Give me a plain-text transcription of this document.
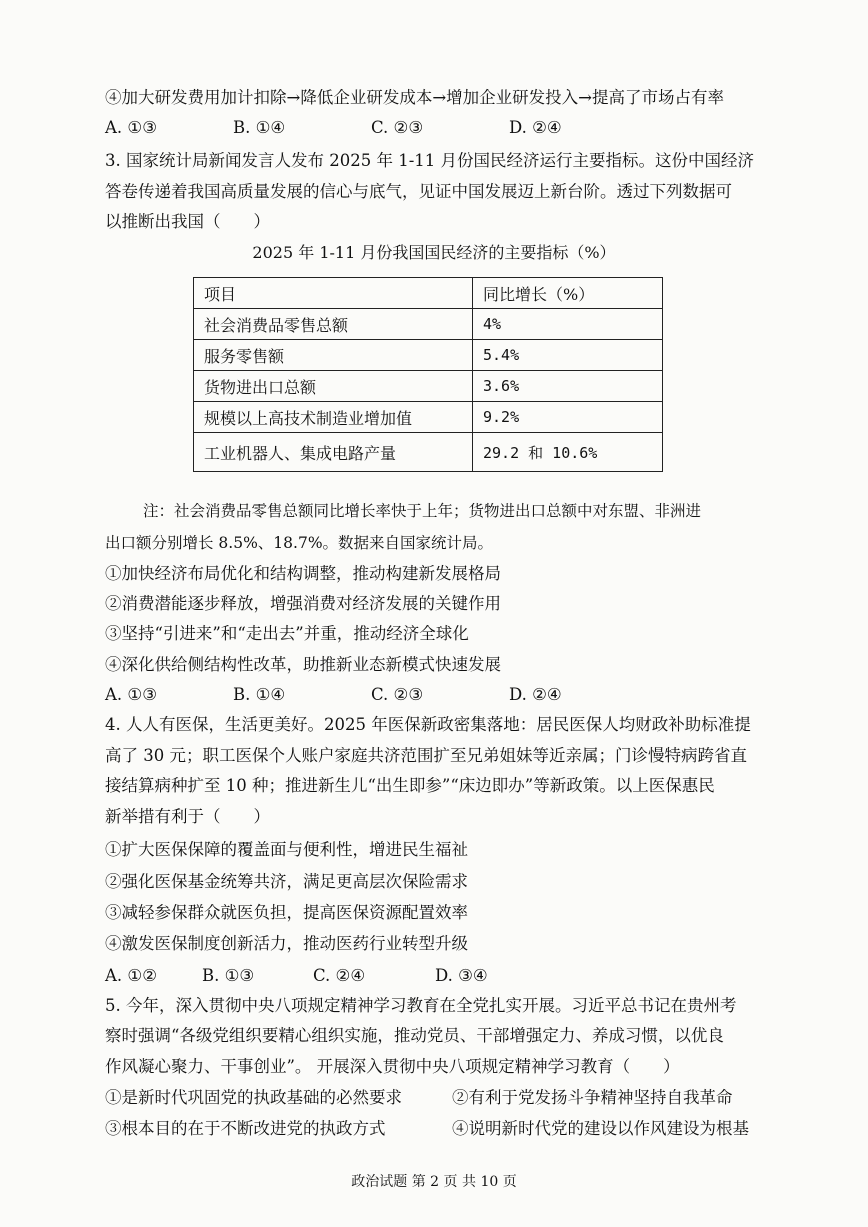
④加大研发费用加计扣除→降低企业研发成本→增加企业研发投入→提高了市场占有率
A. ①③	B. ①④	C. ②③	D. ②④
3. 国家统计局新闻发言人发布 2025 年 1-11 月份国民经济运行主要指标。这份中国经济
答卷传递着我国高质量发展的信心与底气，见证中国发展迈上新台阶。透过下列数据可
以推断出我国（　　）
2025 年 1-11 月份我国国民经济的主要指标（%）
项目	同比增长（%）
社会消费品零售总额	4%
服务零售额	5.4%
货物进出口总额	3.6%
规模以上高技术制造业增加值	9.2%
工业机器人、集成电路产量	29.2 和 10.6%
注：社会消费品零售总额同比增长率快于上年；货物进出口总额中对东盟、非洲进
出口额分别增长 8.5%、18.7%。数据来自国家统计局。
①加快经济布局优化和结构调整，推动构建新发展格局
②消费潜能逐步释放，增强消费对经济发展的关键作用
③坚持“引进来”和“走出去”并重，推动经济全球化
④深化供给侧结构性改革，助推新业态新模式快速发展
A. ①③	B. ①④	C. ②③	D. ②④
4. 人人有医保，生活更美好。2025 年医保新政密集落地：居民医保人均财政补助标准提
高了 30 元；职工医保个人账户家庭共济范围扩至兄弟姐妹等近亲属；门诊慢特病跨省直
接结算病种扩至 10 种；推进新生儿“出生即参”“床边即办”等新政策。以上医保惠民
新举措有利于（　　）
①扩大医保保障的覆盖面与便利性，增进民生福祉
②强化医保基金统筹共济，满足更高层次保险需求
③减轻参保群众就医负担，提高医保资源配置效率
④激发医保制度创新活力，推动医药行业转型升级
A. ①②	B. ①③	C. ②④	D. ③④
5. 今年，深入贯彻中央八项规定精神学习教育在全党扎实开展。习近平总书记在贵州考
察时强调“各级党组织要精心组织实施，推动党员、干部增强定力、养成习惯，以优良
作风凝心聚力、干事创业”。 开展深入贯彻中央八项规定精神学习教育（　　）
①是新时代巩固党的执政基础的必然要求	②有利于党发扬斗争精神坚持自我革命
③根本目的在于不断改进党的执政方式	④说明新时代党的建设以作风建设为根基
政治试题 第 2 页 共 10 页
